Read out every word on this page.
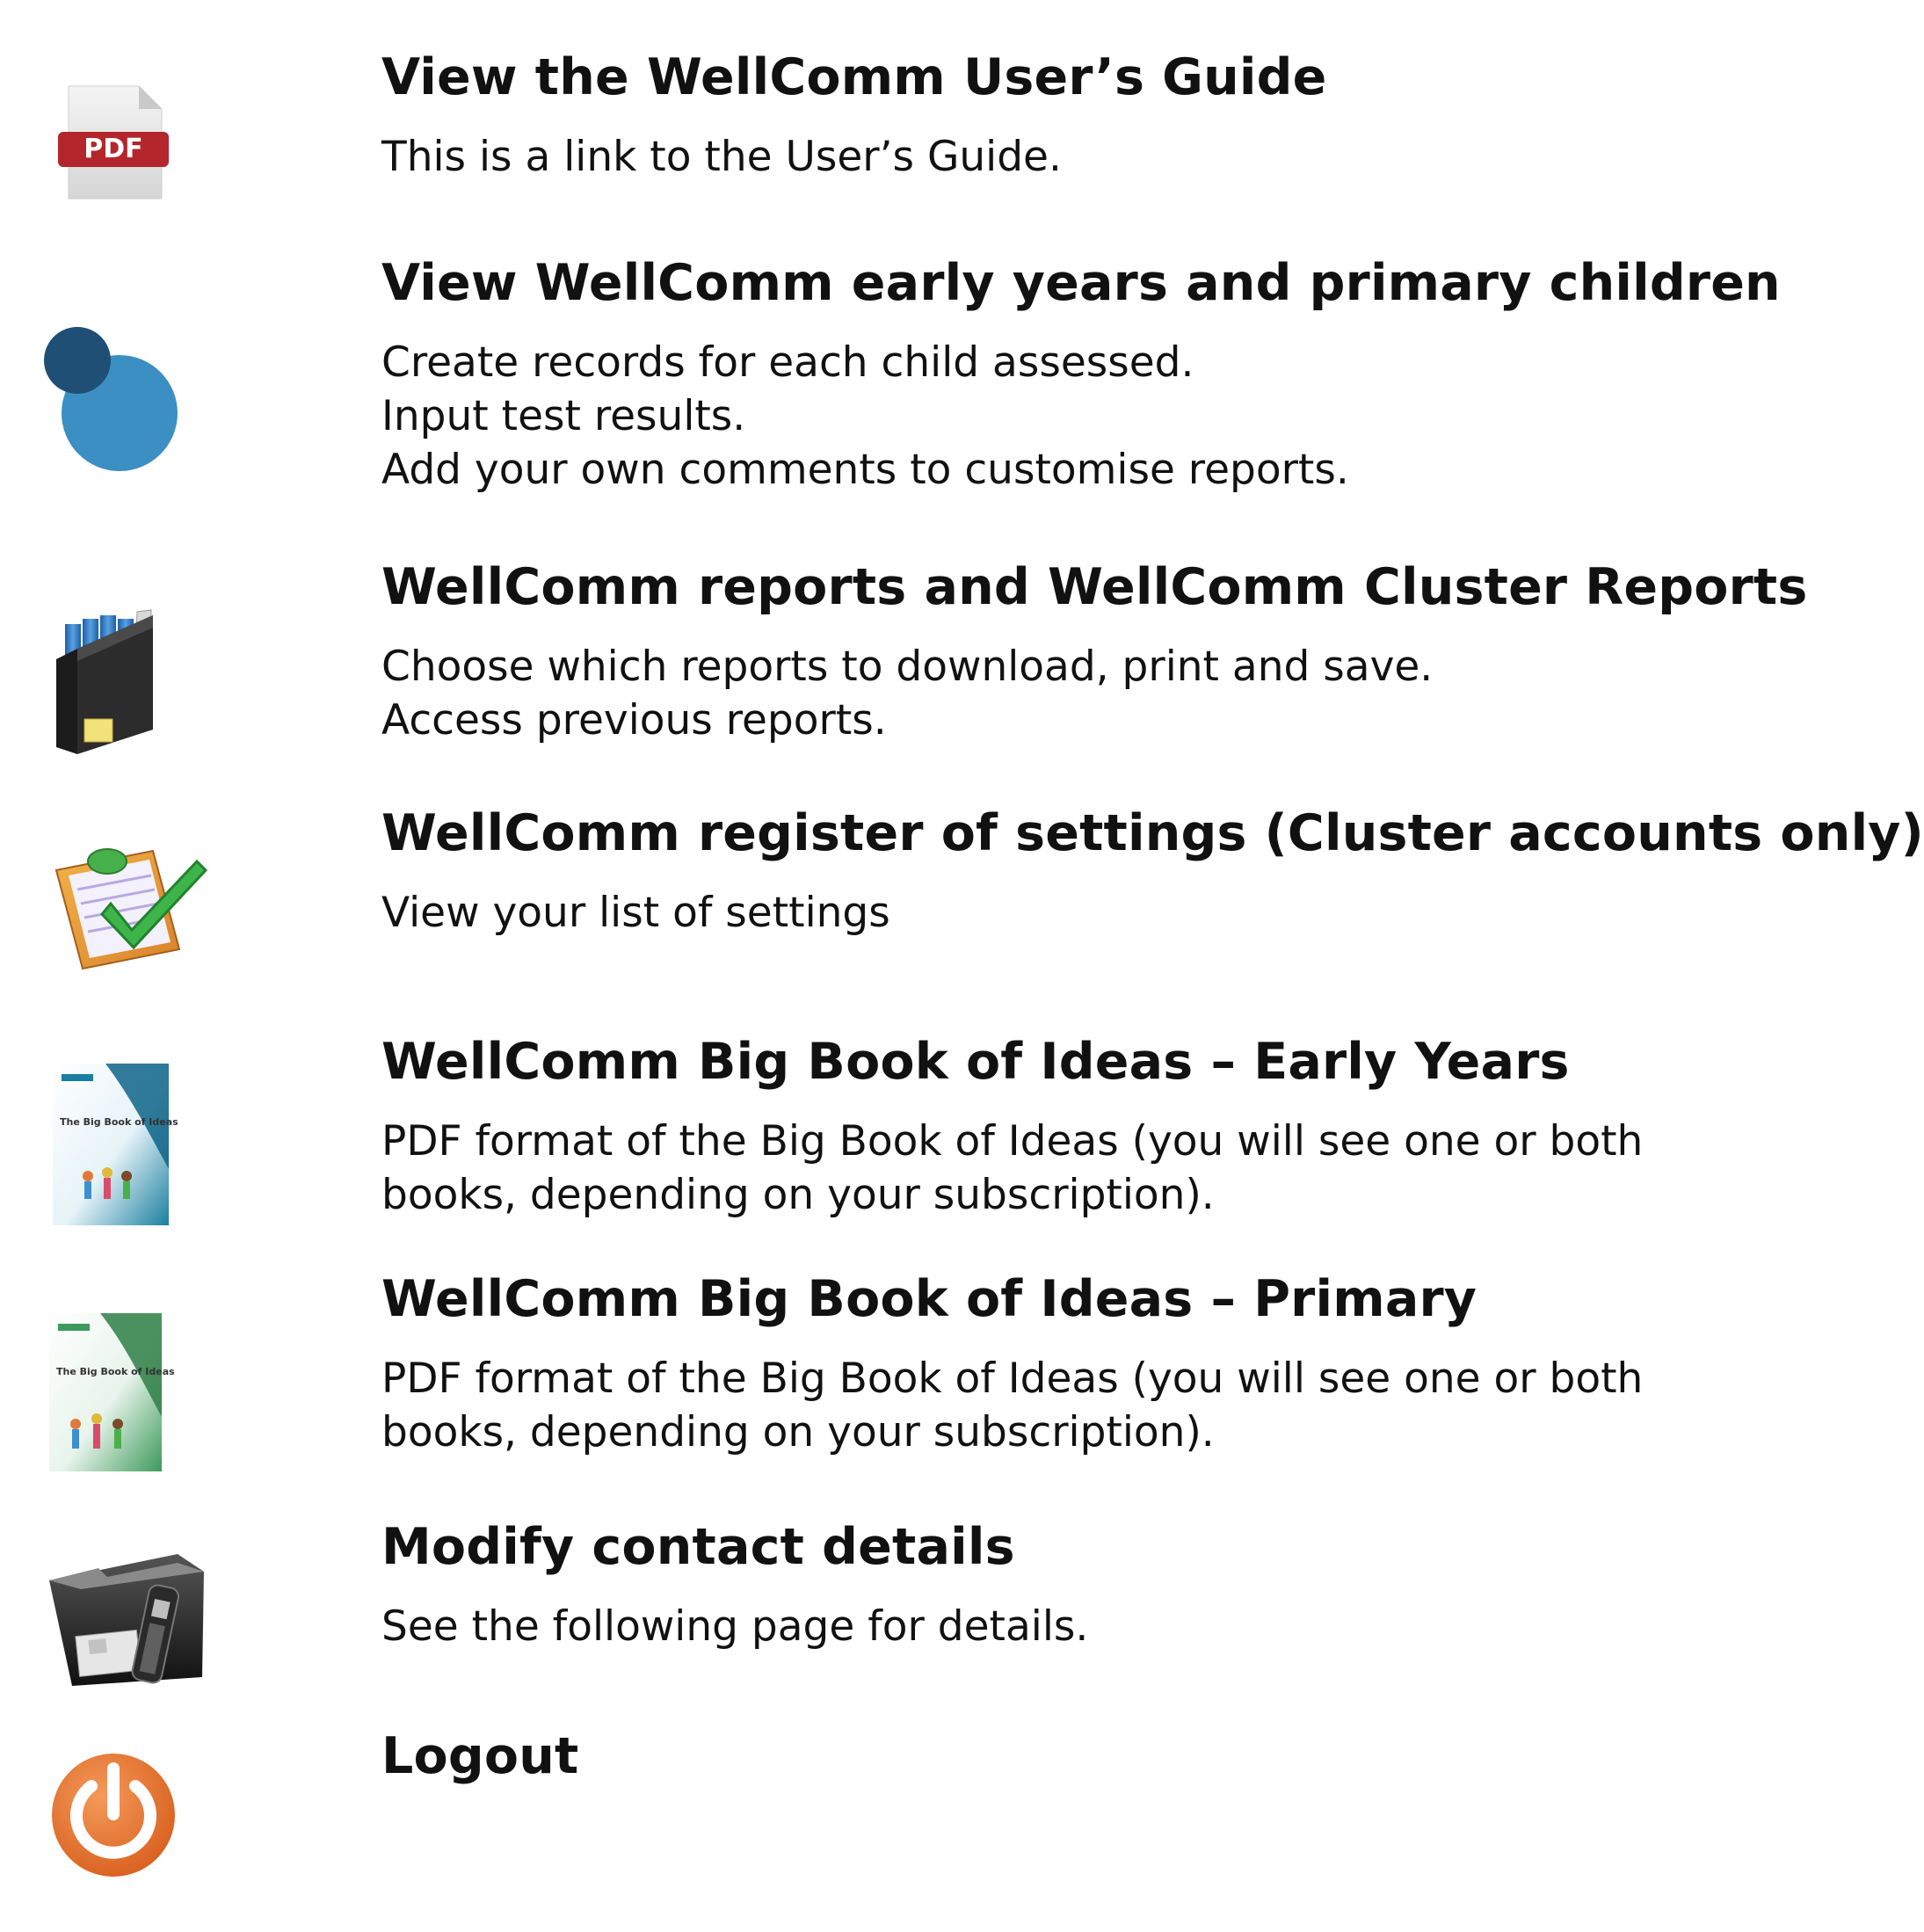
PDF
View the WellComm User’s Guide

This is a link to the User’s Guide.

View WellComm early years and primary children

Create records for each child assessed.
Input test results.
Add your own comments to customise reports.

WellComm reports and WellComm Cluster Reports

Choose which reports to download, print and save.
Access previous reports.

WellComm register of settings (Cluster accounts only)

View your list of settings

The Big Book of Ideas
WellComm Big Book of Ideas – Early Years

PDF format of the Big Book of Ideas (you will see one or both
books, depending on your subscription).

The Big Book of Ideas
WellComm Big Book of Ideas – Primary

PDF format of the Big Book of Ideas (you will see one or both
books, depending on your subscription).

Modify contact details

See the following page for details.

Logout
